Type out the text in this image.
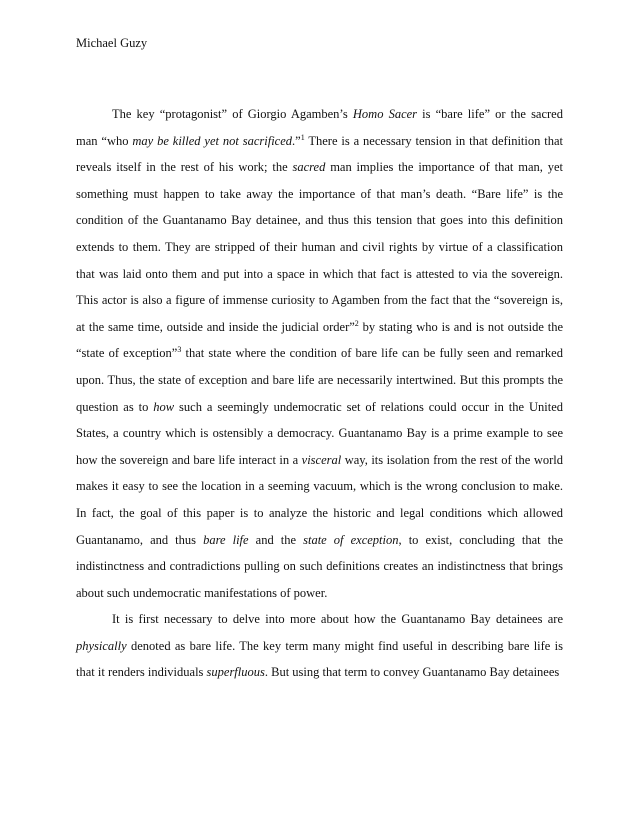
Michael Guzy
The key “protagonist” of Giorgio Agamben’s Homo Sacer is “bare life” or the sacred
man “who may be killed yet not sacrificed.”$^1$ There is a necessary tension in that definition that
reveals itself in the rest of his work; the sacred man implies the importance of that man, yet
something must happen to take away the importance of that man’s death. “Bare life” is the
condition of the Guantanamo Bay detainee, and thus this tension that goes into this definition
extends to them. They are stripped of their human and civil rights by virtue of a classification
that was laid onto them and put into a space in which that fact is attested to via the sovereign.
This actor is also a figure of immense curiosity to Agamben from the fact that the “sovereign is,
at the same time, outside and inside the judicial order”$^2$ by stating who is and is not outside the
“state of exception”$^3$ that state where the condition of bare life can be fully seen and remarked
upon. Thus, the state of exception and bare life are necessarily intertwined. But this prompts the
question as to how such a seemingly undemocratic set of relations could occur in the United
States, a country which is ostensibly a democracy. Guantanamo Bay is a prime example to see
how the sovereign and bare life interact in a visceral way, its isolation from the rest of the world
makes it easy to see the location in a seeming vacuum, which is the wrong conclusion to make.
In fact, the goal of this paper is to analyze the historic and legal conditions which allowed
Guantanamo, and thus bare life and the state of exception, to exist, concluding that the
indistinctness and contradictions pulling on such definitions creates an indistinctness that brings
about such undemocratic manifestations of power.
It is first necessary to delve into more about how the Guantanamo Bay detainees are
physically denoted as bare life. The key term many might find useful in describing bare life is
that it renders individuals superfluous. But using that term to convey Guantanamo Bay detainees
